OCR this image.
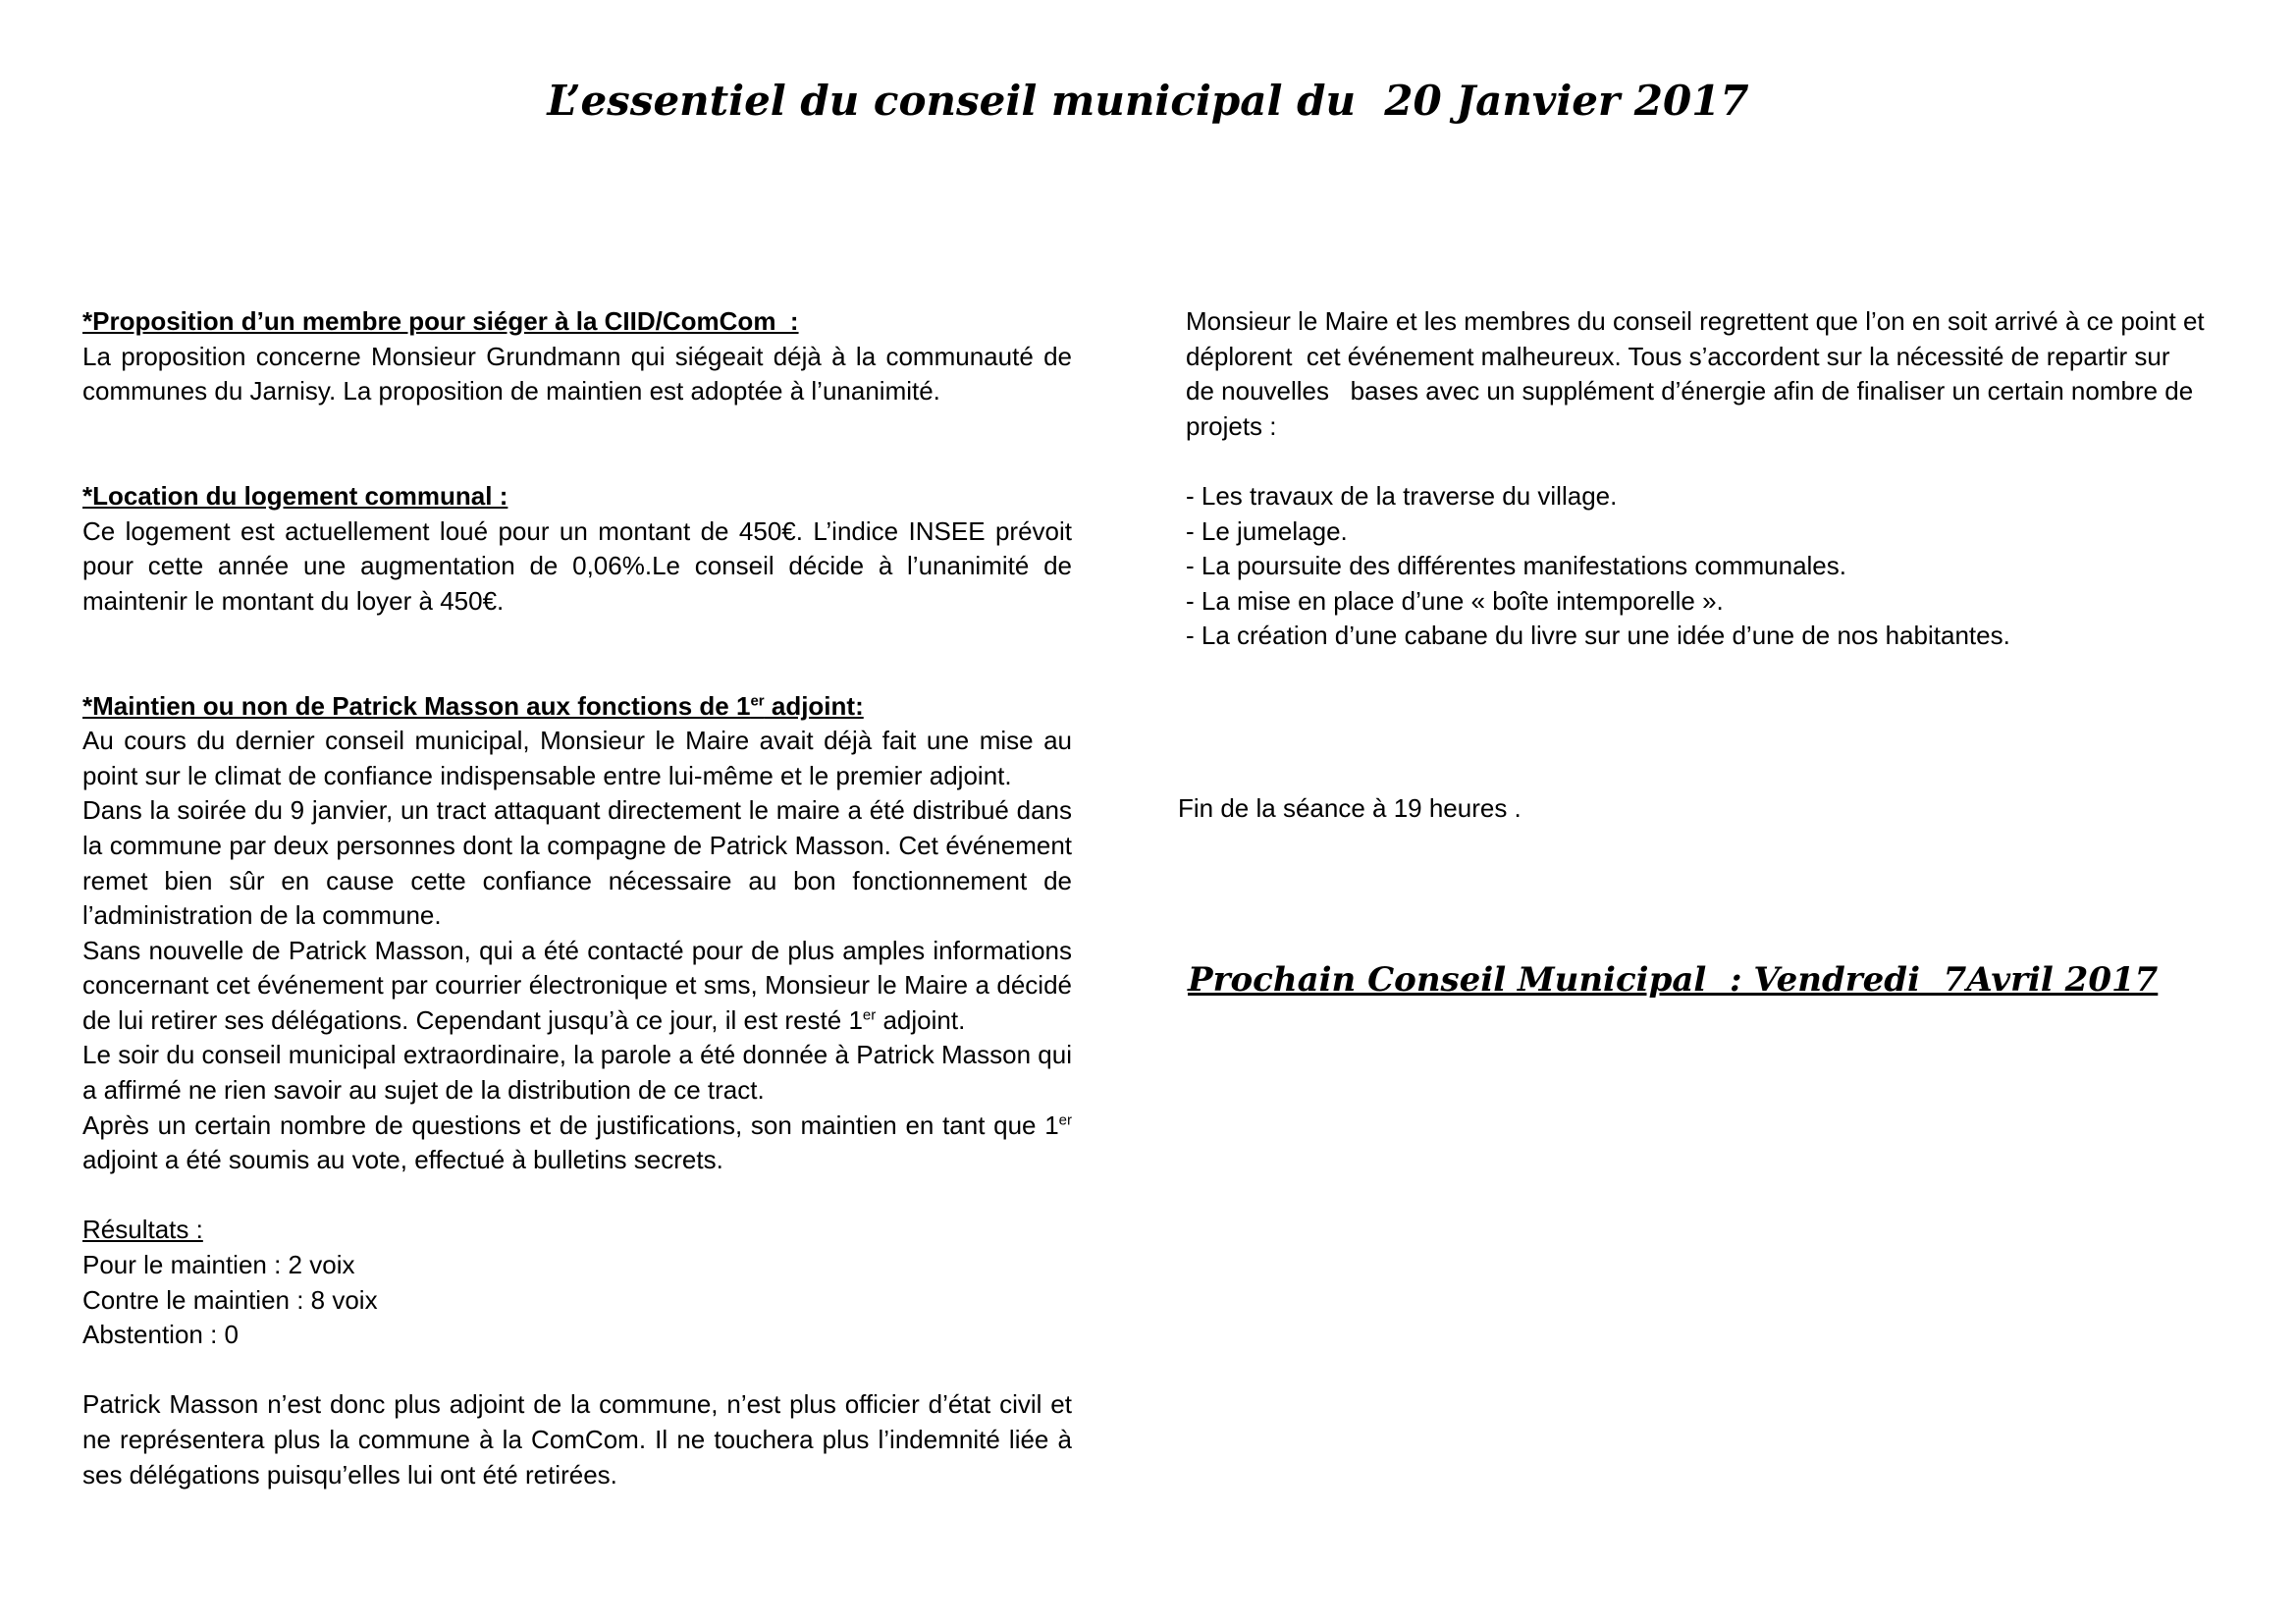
L’essentiel du conseil municipal du  20 Janvier 2017
*Proposition d’un membre pour siéger à la CIID/ComCom  :

La proposition concerne Monsieur Grundmann qui siégeait déjà à la communauté de communes du Jarnisy. La proposition de maintien est adoptée à l’unanimité.

*Location du logement communal :

Ce logement est actuellement loué pour un montant de 450€. L’indice INSEE prévoit pour cette année une augmentation de 0,06%.Le conseil décide à l’unanimité de maintenir le montant du loyer à 450€.

*Maintien ou non de Patrick Masson aux fonctions de 1er adjoint:

Au cours du dernier conseil municipal, Monsieur le Maire avait déjà fait une mise au point sur le climat de confiance indispensable entre lui-même et le premier adjoint.

Dans la soirée du 9 janvier, un tract attaquant directement le maire a été distribué dans la commune par deux personnes dont la compagne de Patrick Masson. Cet événement remet bien sûr en cause cette confiance nécessaire au bon fonctionnement de l’administration de la commune.

Sans nouvelle de Patrick Masson, qui a été contacté pour de plus amples informations concernant cet événement par courrier électronique et sms, Monsieur le Maire a décidé de lui retirer ses délégations. Cependant jusqu’à ce jour, il est resté 1er adjoint.

Le soir du conseil municipal extraordinaire, la parole a été donnée à Patrick Masson qui a affirmé ne rien savoir au sujet de la distribution de ce tract.

Après un certain nombre de questions et de justifications, son maintien en tant que 1er adjoint a été soumis au vote, effectué à bulletins secrets.

Résultats :

Pour le maintien : 2 voix

Contre le maintien : 8 voix

Abstention : 0

Patrick Masson n’est donc plus adjoint de la commune, n’est plus officier d’état civil et ne représentera plus la commune à la ComCom. Il ne touchera plus l’indemnité liée à ses délégations puisqu’elles lui ont été retirées.

Monsieur le Maire et les membres du conseil regrettent que l’on en soit arrivé à ce point et

déplorent  cet événement malheureux. Tous s’accordent sur la nécessité de repartir sur

de nouvelles   bases avec un supplément d’énergie afin de finaliser un certain nombre de

projets :

- Les travaux de la traverse du village.

- Le jumelage.

- La poursuite des différentes manifestations communales.

- La mise en place d’une « boîte intemporelle ».

- La création d’une cabane du livre sur une idée d’une de nos habitantes.

Fin de la séance à 19 heures .
Prochain Conseil Municipal  : Vendredi  7Avril 2017
